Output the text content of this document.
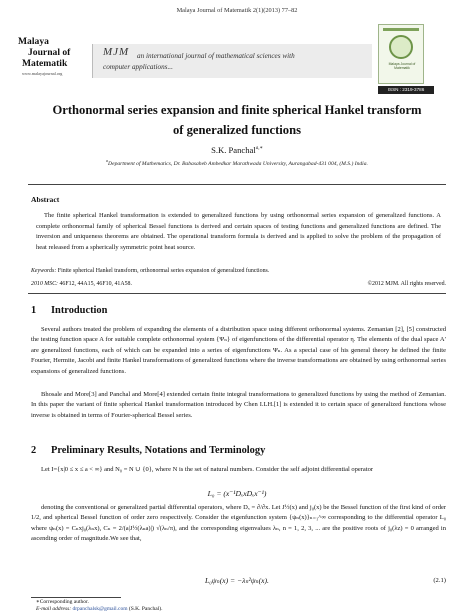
Malaya Journal of Matematik 2(1)(2013) 77–82
Malaya
Journal of
Matematik
www.malayajournal.org
MJM an international journal of mathematical sciences with
computer applications...	Malaya Journal of Matematik
ISSN : 2319-3786
Orthonormal series expansion and finite spherical Hankel transform
of generalized functions
S.K. Panchal$^{a,∗}$
$^a$Department of Mathematics, Dr. Babasaheb Ambedkar Marathwada University, Aurangabad-431 004, (M.S.) India.
Abstract
The finite spherical Hankel transformation is extended to generalized functions by using orthonormal series expansion of generalized functions. A complete orthonormal family of spherical Bessel functions is derived and certain spaces of testing functions and generalized functions are defined. The inversion and uniqueness theorems are obtained. The operational transform formula is derived and is applied to solve the problem of the propagation of heat released from a spherically symmetric point heat source.
Keywords: Finite spherical Hankel transform, orthonormal series expansion of generalized functions.
2010 MSC: 46F12, 44A15, 46F10, 41A58.	©2012 MJM. All rights reserved.
1 Introduction
Several authors treated the problem of expanding the elements of a distribution space using different orthonormal systems. Zemanian [2], [5] constructed the testing function space A for suitable complete orthonormal system {Ψₙ} of eigenfunctions of the differential operator η. The elements of the dual space A′ are generalized functions, each of which can be expanded into a series of eigenfunctions Ψₙ. As a special case of his general theory he defined the finite Fourier, Hermite, Jacobi and finite Hankel transformations of generalized functions where the inverse transformations are obtained by using orthonormal series expansions of generalized functions.
Bhosale and More[3] and Panchal and More[4] extended certain finite integral transformations to generalized functions by using the method of Zemanian. In this paper the variant of finite spherical Hankel transformation introduced by Chen I.LH.[1] is extended it to certain space of generalized functions whose inverse is obtained in terms of Fourier-spherical Bessel series.
2 Preliminary Results, Notations and Terminology
Let I={x|0 ≤ x ≤ a < ∞} and N₀ = N ∪ {0}, where N is the set of natural numbers. Consider the self adjoint differential operator
L₀ = (x⁻¹DₓxDₓx⁻¹)
denoting the conventional or generalized partial differential operators, where Dₓ = ∂/∂x. Let J½(x) and j₀(x) be the Bessel function of the first kind of order 1/2, and spherical Bessel function of order zero respectively. Consider the eigenfunction system {ψₙ(x)}ₙ₌₁^∞ corresponding to the differential operator L₀ where ψₙ(x) = Cₙxj₀(λₙx), Cₙ = 2/(a|J½(λₙa)|) √(λₙ/π), and the corresponding eigenvalues λₙ, n = 1, 2, 3, ... are the positive roots of j₀(λz) = 0 arranged in ascending order of magnitude.We see that,
L₀ψₙ(x) = −λₙ²ψₙ(x).	(2.1)
∗Corresponding author.
E-mail address: drpanchalsk@gmail.com (S.K. Panchal).
